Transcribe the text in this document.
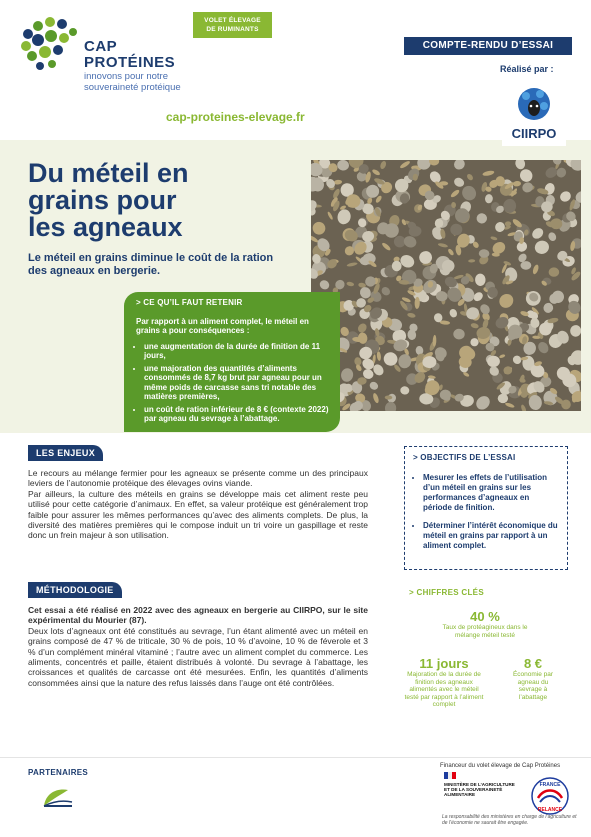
CAP
PROTÉINES
innovons pour notre
souveraineté protéique
VOLET ÉLEVAGE
DE RUMINANTS
COMPTE-RENDU D’ESSAI
Réalisé par :
CIIRPO
cap-proteines-elevage.fr
Du méteil en
grains pour
les agneaux
Le méteil en grains diminue le coût de la ration des agneaux en bergerie.
> CE QU’IL FAUT RETENIR
Par rapport à un aliment complet, le méteil en grains a pour conséquences :
• une augmentation de la durée de finition de 11 jours,
• une majoration des quantités d’aliments consommés de 8,7 kg brut par agneau pour un même poids de carcasse sans tri notable des matières premières,
• un coût de ration inférieur de 8 € (contexte 2022) par agneau du sevrage à l’abattage.
LES ENJEUX
Le recours au mélange fermier pour les agneaux se présente comme un des principaux leviers de l’autonomie protéique des élevages ovins viande.
Par ailleurs, la culture des méteils en grains se développe mais cet aliment reste peu utilisé pour cette catégorie d’animaux. En effet, sa valeur protéique est généralement trop faible pour assurer les mêmes performances qu’avec des aliments complets. De plus, la diversité des matières premières qui le compose induit un tri voire un gaspillage et reste donc un frein majeur à son utilisation.
MÉTHODOLOGIE
Cet essai a été réalisé en 2022 avec des agneaux en bergerie au CIIRPO, sur le site expérimental du Mourier (87).
Deux lots d’agneaux ont été constitués au sevrage, l’un étant alimenté avec un méteil en grains composé de 47 % de triticale, 30 % de pois, 10 % d’avoine, 10 % de féverole et 3 % d’un complément minéral vitaminé ; l’autre avec un aliment complet du commerce. Les aliments, concentrés et paille, étaient distribués à volonté. Du sevrage à l’abattage, les croissances et qualités de carcasse ont été mesurées. Enfin, les quantités d’aliments consommées ainsi que la nature des refus laissés dans l’auge ont été contrôlées.
> OBJECTIFS DE L’ESSAI
• Mesurer les effets de l’utilisation d’un méteil en grains sur les performances d’agneaux en période de finition.
• Déterminer l’intérêt économique du méteil en grains par rapport à un aliment complet.
> CHIFFRES CLÉS
40 %
Taux de protéagineux dans le mélange méteil testé
11 jours
Majoration de la durée de finition des agneaux alimentés avec le méteil testé par rapport à l’aliment complet
8 €
Économie par agneau du sevrage à l’abattage
PARTENAIRES
Financeur du volet élevage de Cap Protéines
MINISTÈRE DE L’AGRICULTURE ET DE LA SOUVERAINETÉ ALIMENTAIRE
FRANCE
RELANCE
La responsabilité des ministères en charge de l’agriculture et de l’économie ne saurait être engagée.
